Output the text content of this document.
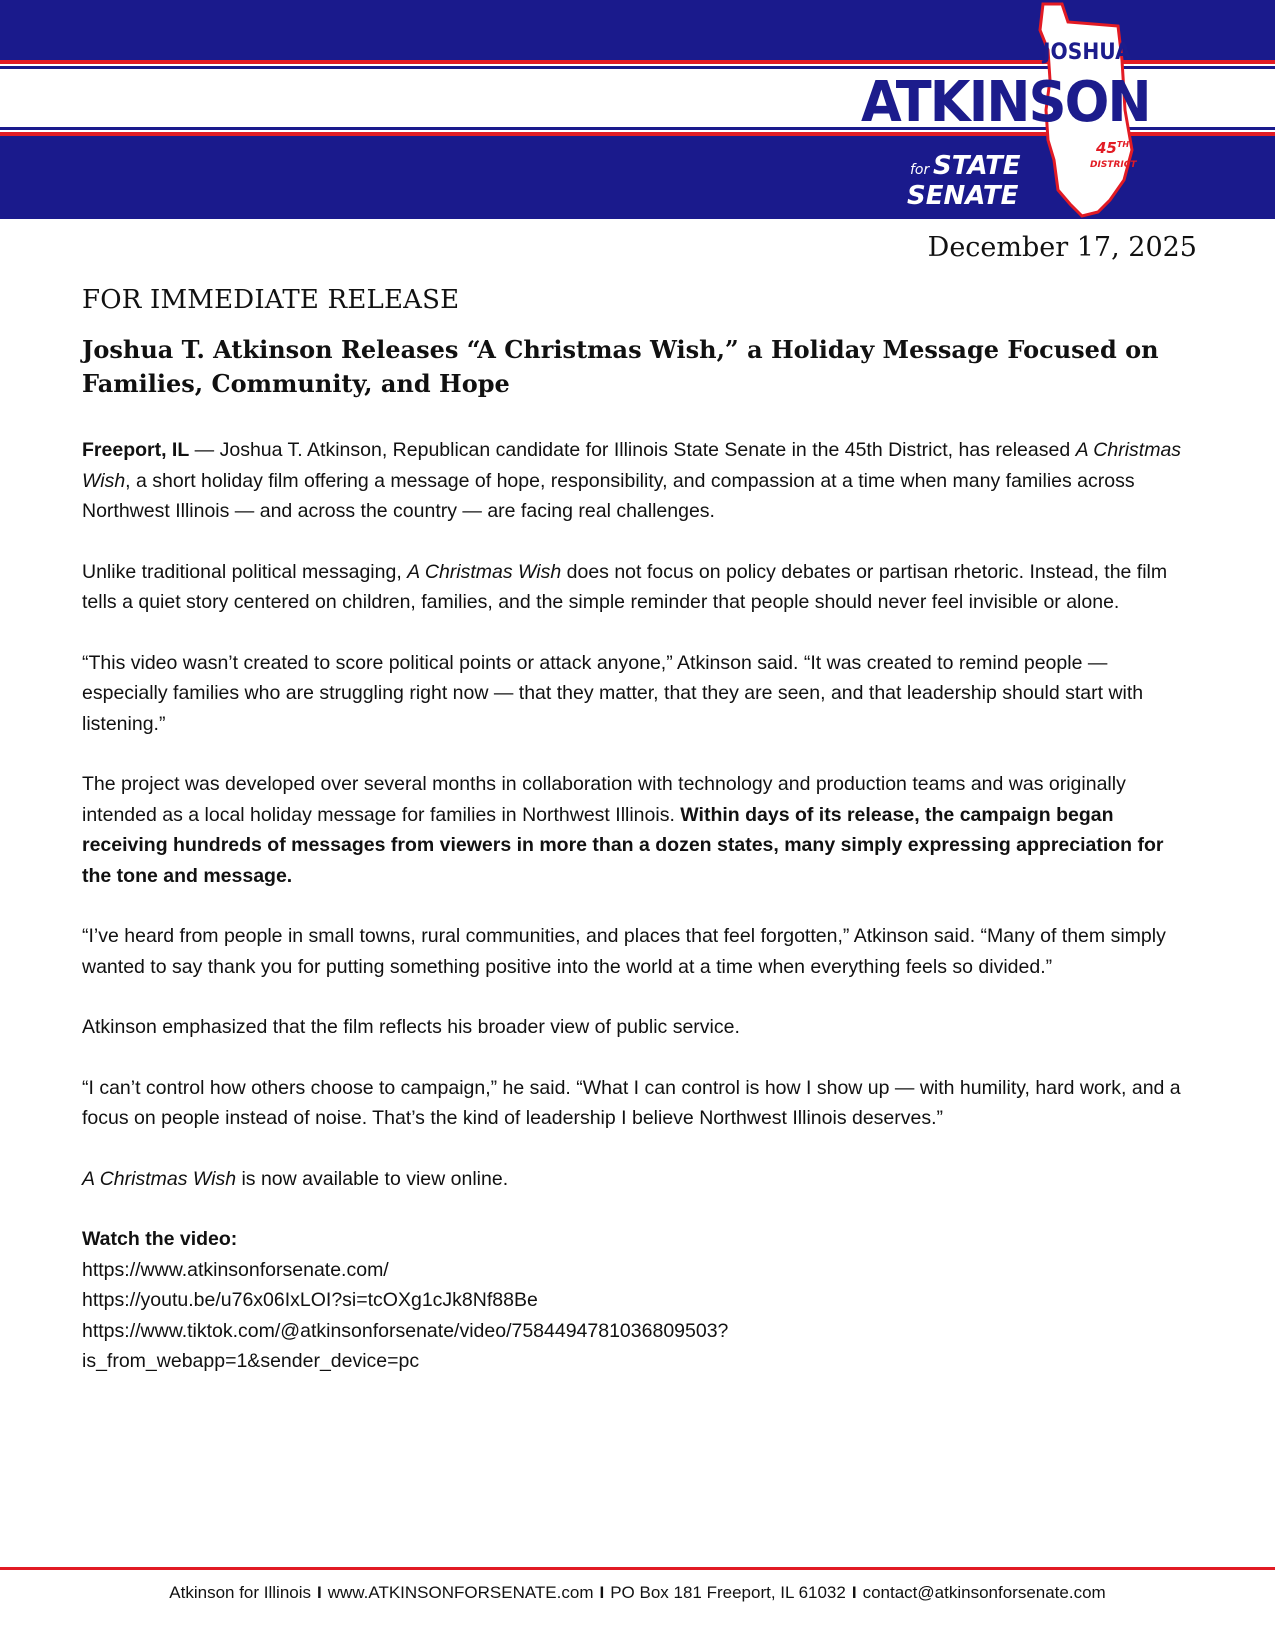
JOSHUA
ATKINSON
for STATE
SENATE
45TH
DISTRICT
December 17, 2025
FOR IMMEDIATE RELEASE
Joshua T. Atkinson Releases “A Christmas Wish,” a Holiday Message Focused on Families, Community, and Hope

Freeport, IL — Joshua T. Atkinson, Republican candidate for Illinois State Senate in the 45th District, has released A Christmas Wish, a short holiday film offering a message of hope, responsibility, and compassion at a time when many families across Northwest Illinois — and across the country — are facing real challenges.

Unlike traditional political messaging, A Christmas Wish does not focus on policy debates or partisan rhetoric. Instead, the film tells a quiet story centered on children, families, and the simple reminder that people should never feel invisible or alone.

“This video wasn’t created to score political points or attack anyone,” Atkinson said. “It was created to remind people — especially families who are struggling right now — that they matter, that they are seen, and that leadership should start with listening.”

The project was developed over several months in collaboration with technology and production teams and was originally intended as a local holiday message for families in Northwest Illinois. Within days of its release, the campaign began receiving hundreds of messages from viewers in more than a dozen states, many simply expressing appreciation for the tone and message.

“I’ve heard from people in small towns, rural communities, and places that feel forgotten,” Atkinson said. “Many of them simply wanted to say thank you for putting something positive into the world at a time when everything feels so divided.”

Atkinson emphasized that the film reflects his broader view of public service.

“I can’t control how others choose to campaign,” he said. “What I can control is how I show up — with humility, hard work, and a focus on people instead of noise. That’s the kind of leadership I believe Northwest Illinois deserves.”

A Christmas Wish is now available to view online.

Watch the video:
https://www.atkinsonforsenate.com/
https://youtu.be/u76x06IxLOI?si=tcOXg1cJk8Nf88Be
https://www.tiktok.com/@atkinsonforsenate/video/7584494781036809503?
is_from_webapp=1&sender_device=pc
Atkinson for Illinois I www.ATKINSONFORSENATE.com I PO Box 181 Freeport, IL 61032 I contact@atkinsonforsenate.com
